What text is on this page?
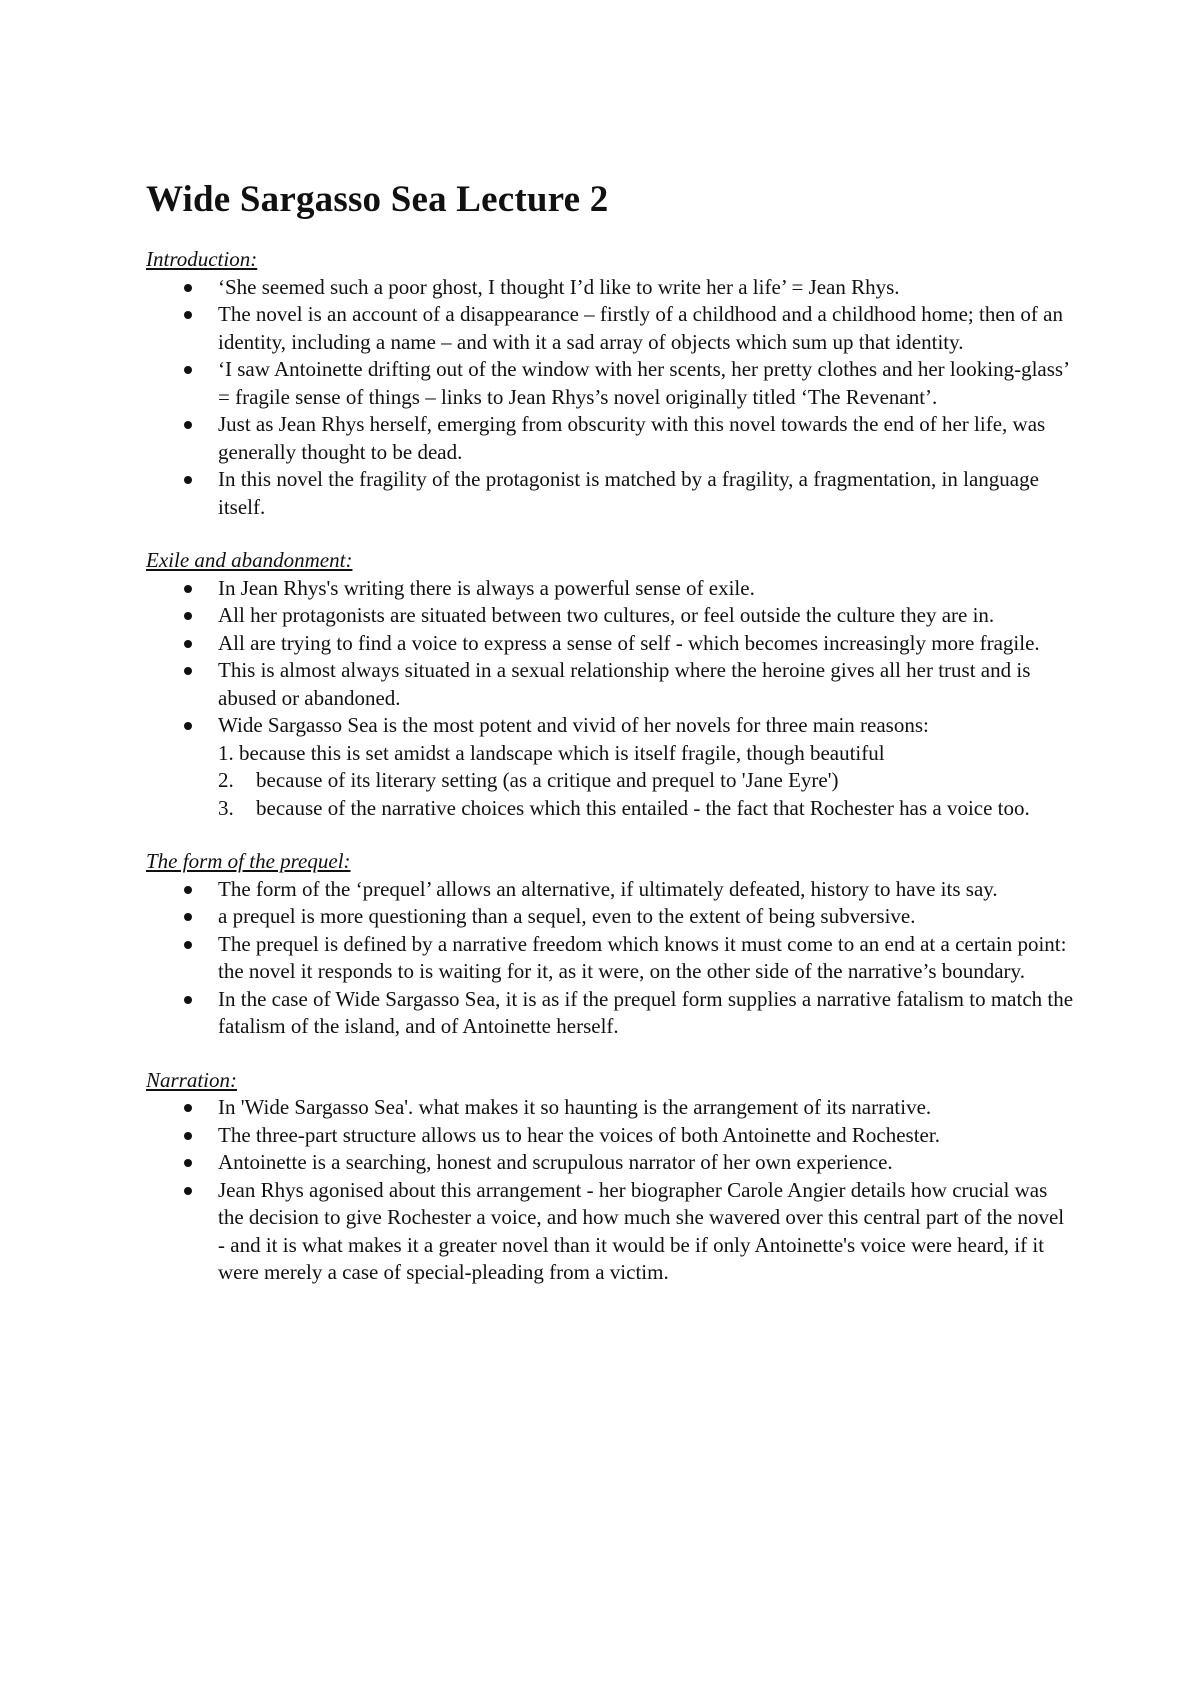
Wide Sargasso Sea Lecture 2
Introduction:
‘She seemed such a poor ghost, I thought I’d like to write her a life’ = Jean Rhys.
The novel is an account of a disappearance – firstly of a childhood and a childhood home; then of an identity, including a name – and with it a sad array of objects which sum up that identity.
‘I saw Antoinette drifting out of the window with her scents, her pretty clothes and her looking-glass’ = fragile sense of things – links to Jean Rhys’s novel originally titled ‘The Revenant’.
Just as Jean Rhys herself, emerging from obscurity with this novel towards the end of her life, was generally thought to be dead.
In this novel the fragility of the protagonist is matched by a fragility, a fragmentation, in language itself.
Exile and abandonment:
In Jean Rhys's writing there is always a powerful sense of exile.
All her protagonists are situated between two cultures, or feel outside the culture they are in.
All are trying to find a voice to express a sense of self - which becomes increasingly more fragile.
This is almost always situated in a sexual relationship where the heroine gives all her trust and is abused or abandoned.
Wide Sargasso Sea is the most potent and vivid of her novels for three main reasons:
1. because this is set amidst a landscape which is itself fragile, though beautiful
2. because of its literary setting (as a critique and prequel to 'Jane Eyre')
3. because of the narrative choices which this entailed - the fact that Rochester has a voice too.
The form of the prequel:
The form of the ‘prequel’ allows an alternative, if ultimately defeated, history to have its say.
a prequel is more questioning than a sequel, even to the extent of being subversive.
The prequel is defined by a narrative freedom which knows it must come to an end at a certain point: the novel it responds to is waiting for it, as it were, on the other side of the narrative’s boundary.
In the case of Wide Sargasso Sea, it is as if the prequel form supplies a narrative fatalism to match the fatalism of the island, and of Antoinette herself.
Narration:
In 'Wide Sargasso Sea'. what makes it so haunting is the arrangement of its narrative.
The three-part structure allows us to hear the voices of both Antoinette and Rochester.
Antoinette is a searching, honest and scrupulous narrator of her own experience.
Jean Rhys agonised about this arrangement - her biographer Carole Angier details how crucial was the decision to give Rochester a voice, and how much she wavered over this central part of the novel - and it is what makes it a greater novel than it would be if only Antoinette's voice were heard, if it were merely a case of special-pleading from a victim.
